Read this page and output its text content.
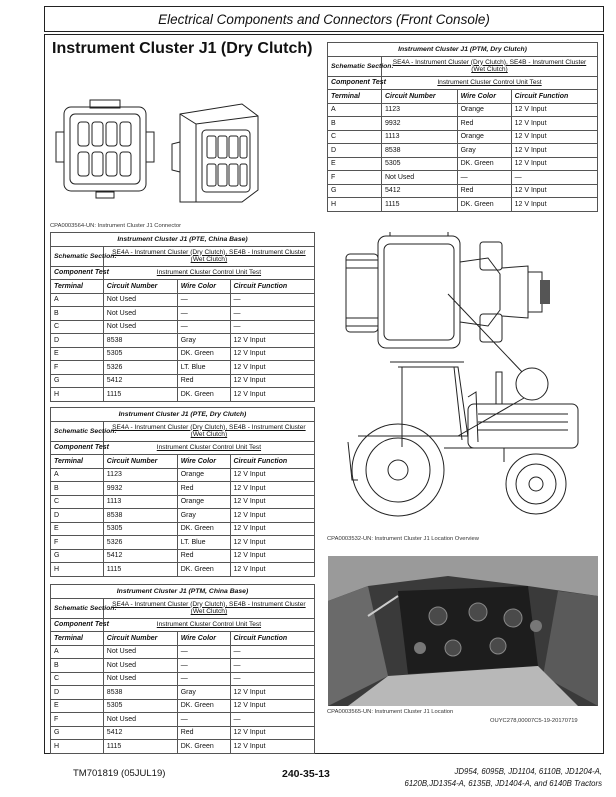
Electrical Components and Connectors (Front Console)
Instrument Cluster J1 (Dry Clutch)
CPA0003564-UN: Instrument Cluster J1 Connector
Instrument Cluster J1 (PTM, Dry Clutch)			
Schematic Section:	SE4A - Instrument Cluster (Dry Clutch), SE4B - Instrument Cluster (Wet Clutch)		
Component Test	Instrument Cluster Control Unit Test		
Terminal	Circuit Number	Wire Color	Circuit Function
A	1123	Orange	12 V Input
B	9932	Red	12 V Input
C	1113	Orange	12 V Input
D	8538	Gray	12 V Input
E	5305	DK. Green	12 V Input
F	Not Used	—	—
G	5412	Red	12 V Input
H	1115	DK. Green	12 V Input
Instrument Cluster J1 (PTE, China Base)			
Schematic Section:	SE4A - Instrument Cluster (Dry Clutch), SE4B - Instrument Cluster (Wet Clutch)		
Component Test	Instrument Cluster Control Unit Test		
Terminal	Circuit Number	Wire Color	Circuit Function
A	Not Used	—	—
B	Not Used	—	—
C	Not Used	—	—
D	8538	Gray	12 V Input
E	5305	DK. Green	12 V Input
F	5326	LT. Blue	12 V Input
G	5412	Red	12 V Input
H	1115	DK. Green	12 V Input
Instrument Cluster J1 (PTE, Dry Clutch)			
Schematic Section:	SE4A - Instrument Cluster (Dry Clutch), SE4B - Instrument Cluster (Wet Clutch)		
Component Test	Instrument Cluster Control Unit Test		
Terminal	Circuit Number	Wire Color	Circuit Function
A	1123	Orange	12 V Input
B	9932	Red	12 V Input
C	1113	Orange	12 V Input
D	8538	Gray	12 V Input
E	5305	DK. Green	12 V Input
F	5326	LT. Blue	12 V Input
G	5412	Red	12 V Input
H	1115	DK. Green	12 V Input
Instrument Cluster J1 (PTM, China Base)			
Schematic Section:	SE4A - Instrument Cluster (Dry Clutch), SE4B - Instrument Cluster (Wet Clutch)		
Component Test	Instrument Cluster Control Unit Test		
Terminal	Circuit Number	Wire Color	Circuit Function
A	Not Used	—	—
B	Not Used	—	—
C	Not Used	—	—
D	8538	Gray	12 V Input
E	5305	DK. Green	12 V Input
F	Not Used	—	—
G	5412	Red	12 V Input
H	1115	DK. Green	12 V Input
CPA0003532-UN: Instrument Cluster J1 Location Overview
CPA0003565-UN: Instrument Cluster J1 Location
OUYC278,00007C5-19-20170719
TM701819 (05JUL19)	240-35-13	JD954, 6095B, JD1104, 6110B, JD1204-A,
6120B,JD1354-A, 6135B, JD1404-A, and 6140B Tractors
